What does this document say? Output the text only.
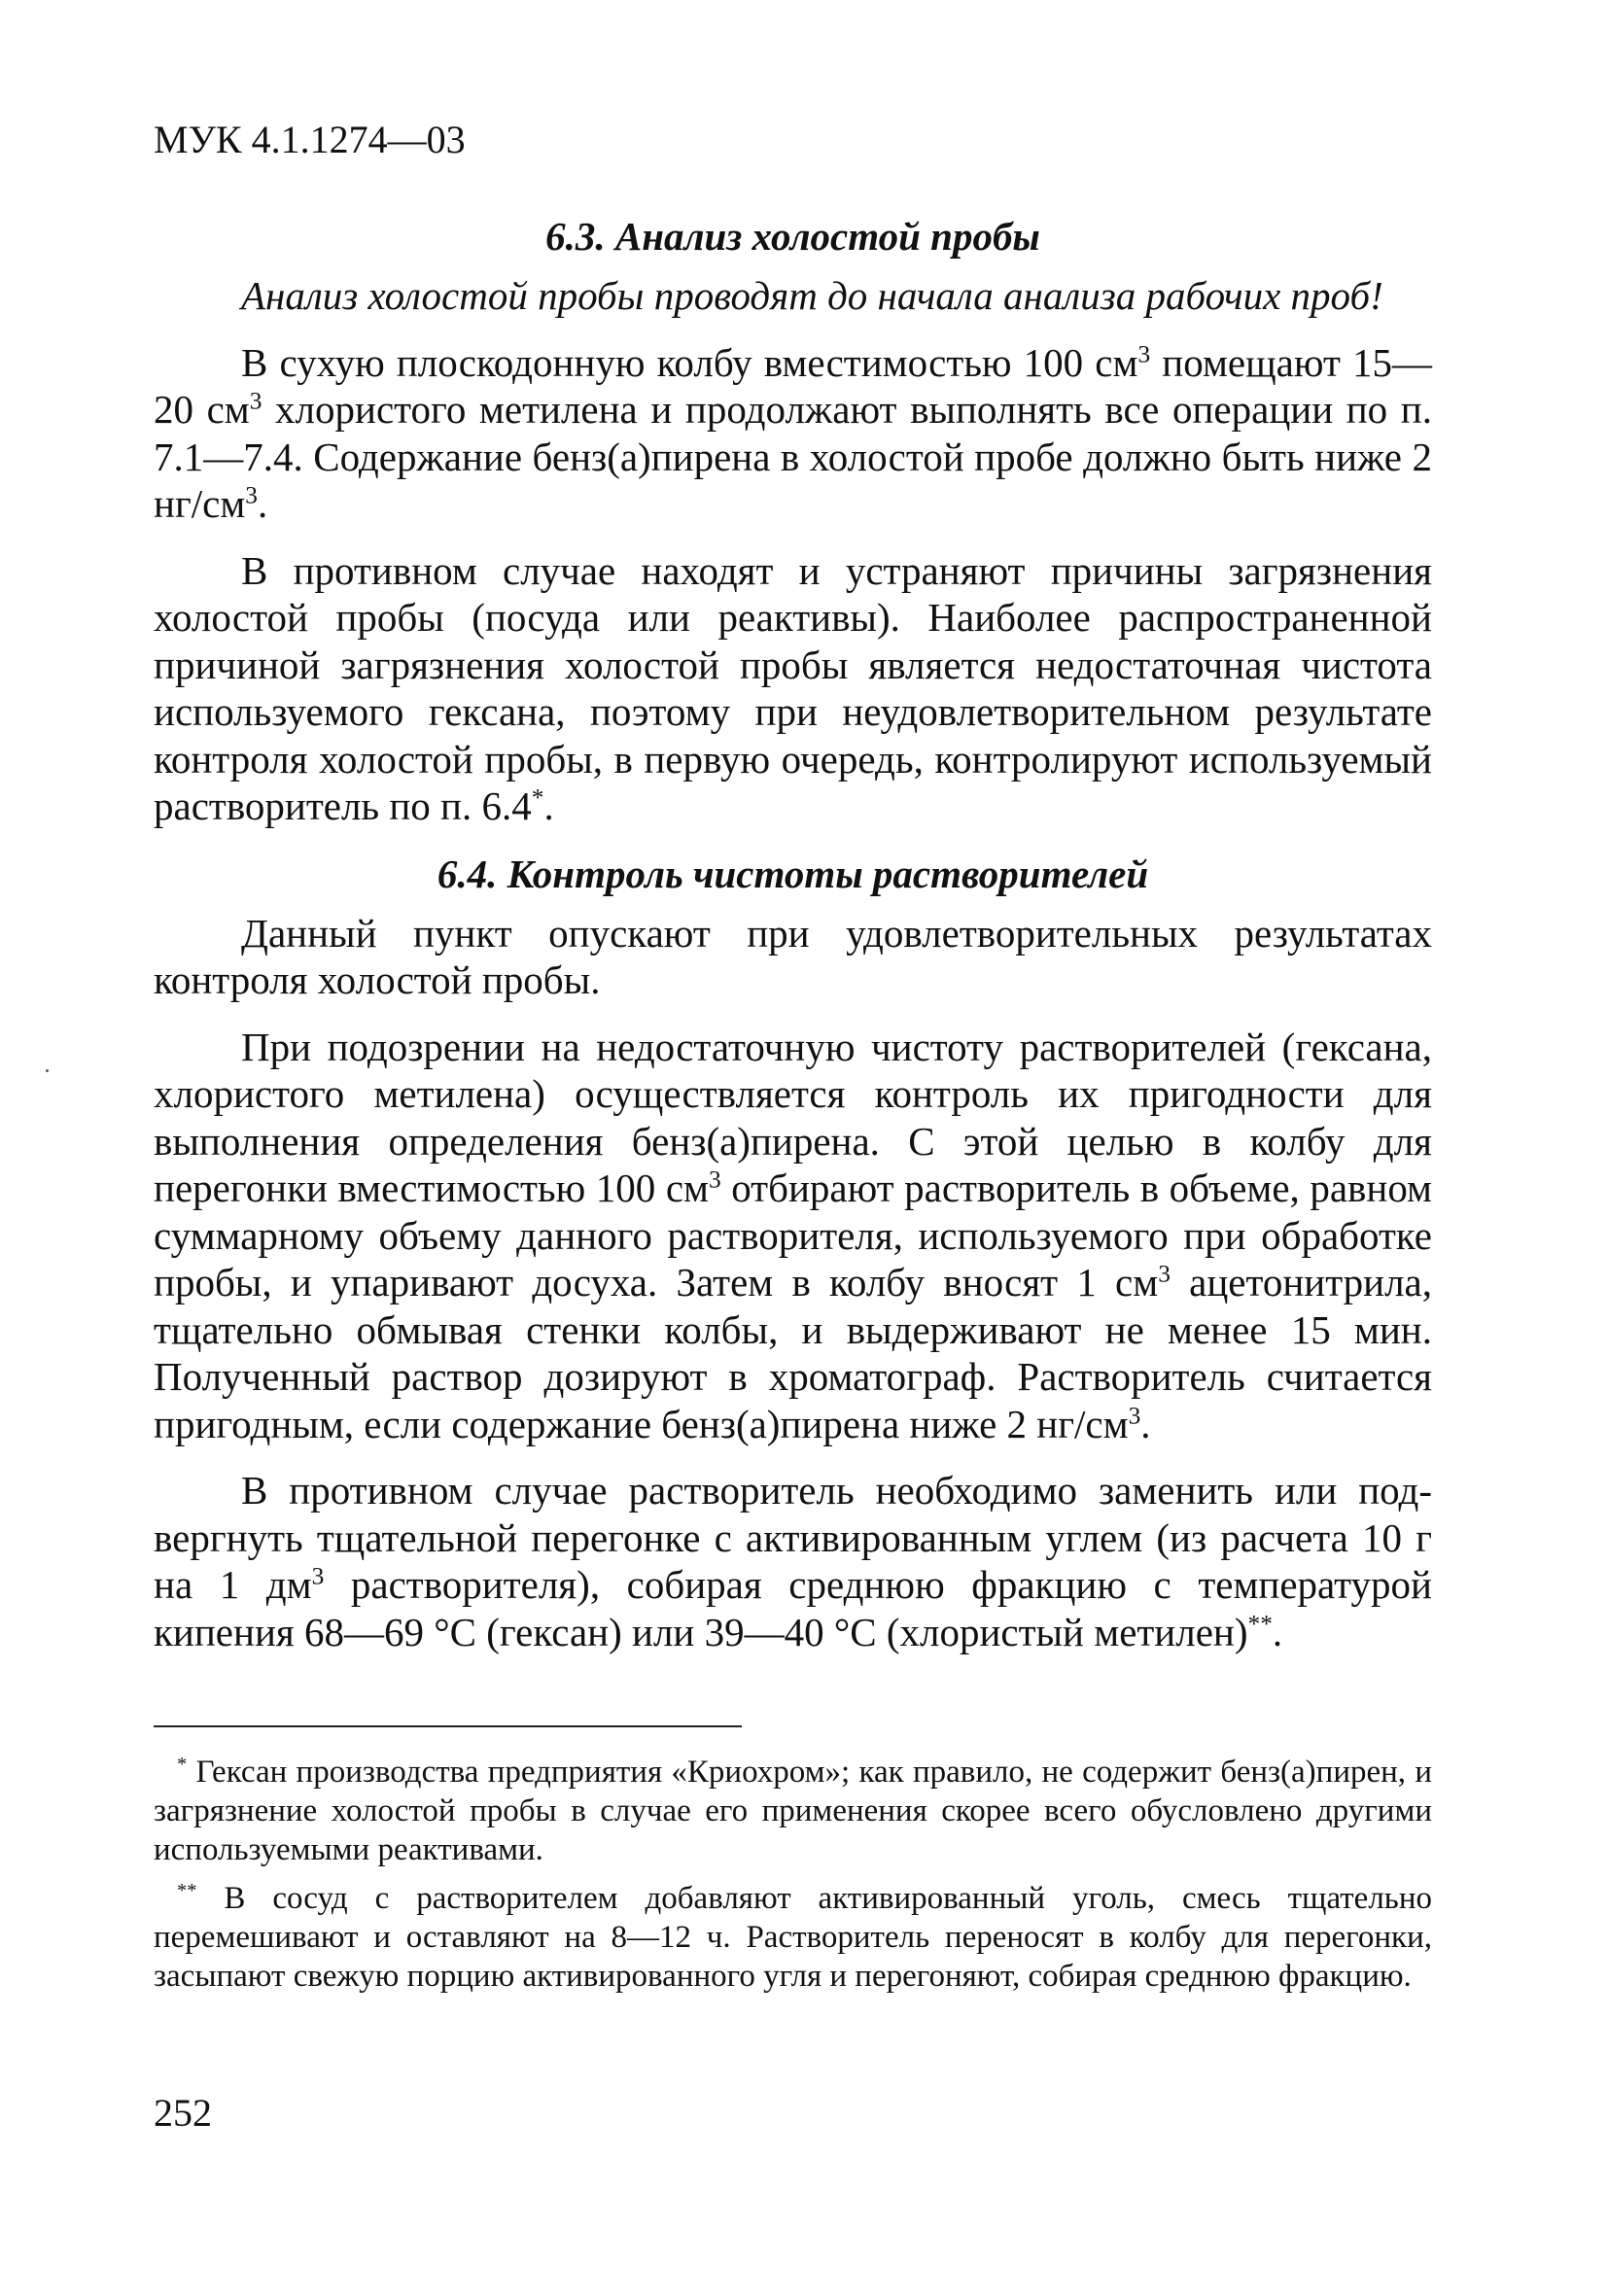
МУК 4.1.1274—03
6.3. Анализ холостой пробы

Анализ холостой пробы проводят до начала анализа рабочих проб!

В сухую плоскодонную колбу вместимостью 100 $см^3$ помещают 15—20 $см^3$ хлористого метилена и продолжают выполнять все операции по п. 7.1—7.4. Содержание бенз(а)пирена в холостой пробе должно быть ниже 2 $нг/см^3$.

В противном случае находят и устраняют причины загрязнения холостой пробы (посуда или реактивы). Наиболее распространенной причиной загрязнения холостой пробы является недостаточная чистота используемого гексана, поэтому при неудовлетворительном результате контроля холостой пробы, в первую очередь, контролируют используемый растворитель по п. 6.4*.

6.4. Контроль чистоты растворителей

Данный пункт опускают при удовлетворительных результатах контроля холостой пробы.

При подозрении на недостаточную чистоту растворителей (гексана, хлористого метилена) осуществляется контроль их пригодности для выполнения определения бенз(а)пирена. С этой целью в колбу для перегонки вместимостью 100 $см^3$ отбирают растворитель в объеме, равном суммарному объему данного растворителя, используемого при обработке пробы, и упаривают досуха. Затем в колбу вносят 1 $см^3$ ацетонитрила, тщательно обмывая стенки колбы, и выдерживают не менее 15 мин. Полученный раствор дозируют в хроматограф. Растворитель считается пригодным, если содержание бенз(а)пирена ниже 2 $нг/см^3$.

В противном случае растворитель необходимо заменить или подвергнуть тщательной перегонке с активированным углем (из расчета 10 г на 1 $дм^3$ растворителя), собирая среднюю фракцию с температурой кипения 68—69 °С (гексан) или 39—40 °С (хлористый метилен)**.

* Гексан производства предприятия «Криохром»; как правило, не содержит бенз(а)пирен, и загрязнение холостой пробы в случае его применения скорее всего обусловлено другими используемыми реактивами.

** В сосуд с растворителем добавляют активированный уголь, смесь тщательно перемешивают и оставляют на 8—12 ч. Растворитель переносят в колбу для перегонки, засыпают свежую порцию активированного угля и перегоняют, собирая среднюю фракцию.

252
